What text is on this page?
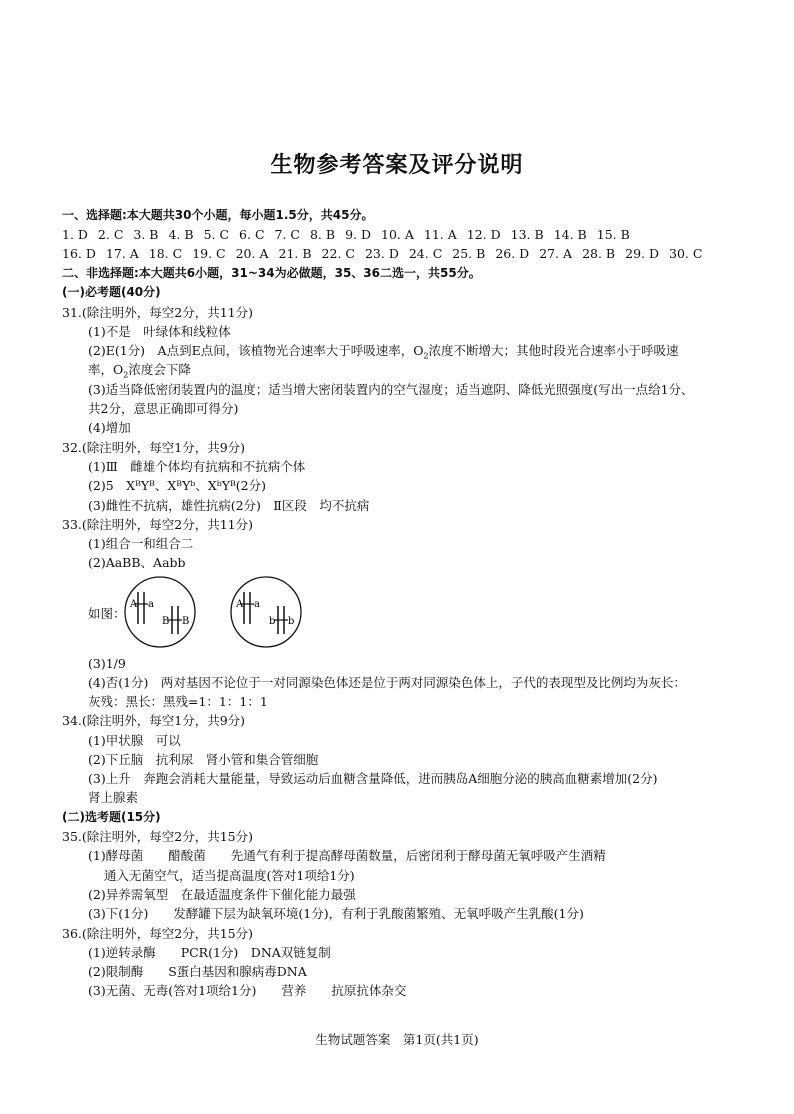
生物参考答案及评分说明
一、选择题:本大题共30个小题，每小题1.5分，共45分。
1. D 2. C 3. B 4. B 5. C 6. C 7. C 8. B 9. D 10. A 11. A 12. D 13. B 14. B 15. B
16. D 17. A 18. C 19. C 20. A 21. B 22. C 23. D 24. C 25. B 26. D 27. A 28. B 29. D 30. C
二、非选择题:本大题共6小题，31~34为必做题，35、36二选一，共55分。
(一)必考题(40分)
31.(除注明外，每空2分，共11分)
(1)不是　叶绿体和线粒体
(2)E(1分)　A点到E点间，该植物光合速率大于呼吸速率，$O_2$浓度不断增大；其他时段光合速率小于呼吸速
率，$O_2$浓度会下降
(3)适当降低密闭装置内的温度；适当增大密闭装置内的空气湿度；适当遮阴、降低光照强度(写出一点给1分、
共2分，意思正确即可得分)
(4)增加
32.(除注明外，每空1分，共9分)
(1)Ⅲ　雌雄个体均有抗病和不抗病个体
(2)5　XᴮYᴮ、XᴮYᵇ、XᵇYᴮ(2分)
(3)雌性不抗病，雄性抗病(2分)　Ⅱ区段　均不抗病
33.(除注明外，每空2分，共11分)
(1)组合一和组合二
(2)AaBB、Aabb
如图：
A a
B B
A a
b b
(3)1/9
(4)否(1分)　两对基因不论位于一对同源染色体还是位于两对同源染色体上，子代的表现型及比例均为灰长：
灰残：黑长：黑残=1：1：1：1
34.(除注明外，每空1分，共9分)
(1)甲状腺　可以
(2)下丘脑　抗利尿　肾小管和集合管细胞
(3)上升　奔跑会消耗大量能量，导致运动后血糖含量降低，进而胰岛A细胞分泌的胰高血糖素增加(2分)
肾上腺素
(二)选考题(15分)
35.(除注明外，每空2分，共15分)
(1)酵母菌　　醋酸菌　　先通气有利于提高酵母菌数量，后密闭利于酵母菌无氧呼吸产生酒精
通入无菌空气，适当提高温度(答对1项给1分)
(2)异养需氧型　在最适温度条件下催化能力最强
(3)下(1分)　　发酵罐下层为缺氧环境(1分)，有利于乳酸菌繁殖、无氧呼吸产生乳酸(1分)
36.(除注明外，每空2分，共15分)
(1)逆转录酶　　PCR(1分)　DNA双链复制
(2)限制酶　　S蛋白基因和腺病毒DNA
(3)无菌、无毒(答对1项给1分)　　营养　　抗原抗体杂交
生物试题答案　第1页(共1页)
